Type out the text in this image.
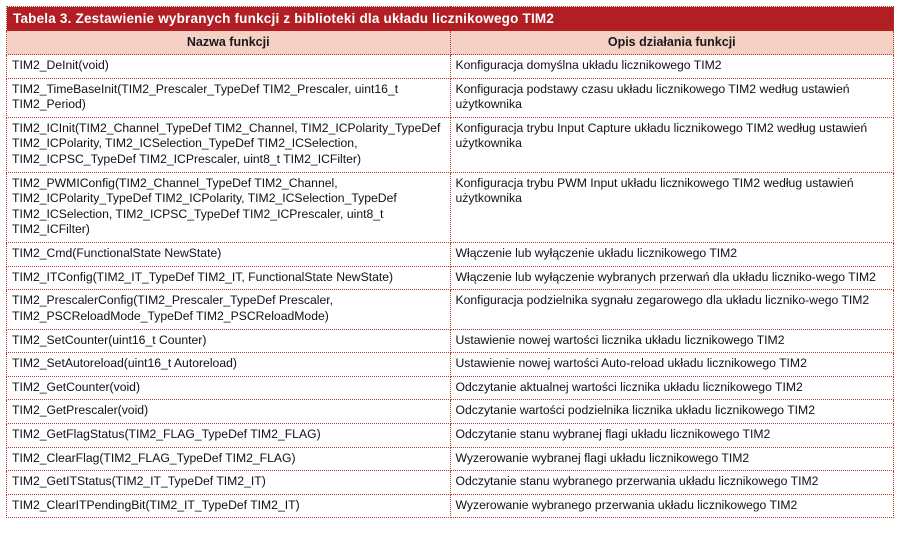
Tabela 3. Zestawienie wybranych funkcji z biblioteki dla układu licznikowego TIM2	
Nazwa funkcji	Opis działania funkcji
TIM2_DeInit(void)	Konfiguracja domyślna układu licznikowego TIM2
TIM2_TimeBaseInit(TIM2_Prescaler_TypeDef TIM2_Prescaler, uint16_t TIM2_Period)	Konfiguracja podstawy czasu układu licznikowego TIM2 według ustawień użytkownika
TIM2_ICInit(TIM2_Channel_TypeDef TIM2_Channel, TIM2_ICPolarity_TypeDef TIM2_ICPolarity, TIM2_ICSelection_TypeDef TIM2_ICSelection, TIM2_ICPSC_TypeDef TIM2_ICPrescaler, uint8_t TIM2_ICFilter)	Konfiguracja trybu Input Capture układu licznikowego TIM2 według ustawień użytkownika
TIM2_PWMIConfig(TIM2_Channel_TypeDef TIM2_Channel, TIM2_ICPolarity_TypeDef TIM2_ICPolarity, TIM2_ICSelection_TypeDef TIM2_ICSelection, TIM2_ICPSC_TypeDef TIM2_ICPrescaler, uint8_t TIM2_ICFilter)	Konfiguracja trybu PWM Input układu licznikowego TIM2 według ustawień użytkownika
TIM2_Cmd(FunctionalState NewState)	Włączenie lub wyłączenie układu licznikowego TIM2
TIM2_ITConfig(TIM2_IT_TypeDef TIM2_IT, FunctionalState NewState)	Włączenie lub wyłączenie wybranych przerwań dla układu liczniko-wego TIM2
TIM2_PrescalerConfig(TIM2_Prescaler_TypeDef Prescaler, TIM2_PSCReloadMode_TypeDef TIM2_PSCReloadMode)	Konfiguracja podzielnika sygnału zegarowego dla układu liczniko-wego TIM2
TIM2_SetCounter(uint16_t Counter)	Ustawienie nowej wartości licznika układu licznikowego TIM2
TIM2_SetAutoreload(uint16_t Autoreload)	Ustawienie nowej wartości Auto-reload układu licznikowego TIM2
TIM2_GetCounter(void)	Odczytanie aktualnej wartości licznika układu licznikowego TIM2
TIM2_GetPrescaler(void)	Odczytanie wartości podzielnika licznika układu licznikowego TIM2
TIM2_GetFlagStatus(TIM2_FLAG_TypeDef TIM2_FLAG)	Odczytanie stanu wybranej flagi układu licznikowego TIM2
TIM2_ClearFlag(TIM2_FLAG_TypeDef TIM2_FLAG)	Wyzerowanie wybranej flagi układu licznikowego TIM2
TIM2_GetITStatus(TIM2_IT_TypeDef TIM2_IT)	Odczytanie stanu wybranego przerwania układu licznikowego TIM2
TIM2_ClearITPendingBit(TIM2_IT_TypeDef TIM2_IT)	Wyzerowanie wybranego przerwania układu licznikowego TIM2
